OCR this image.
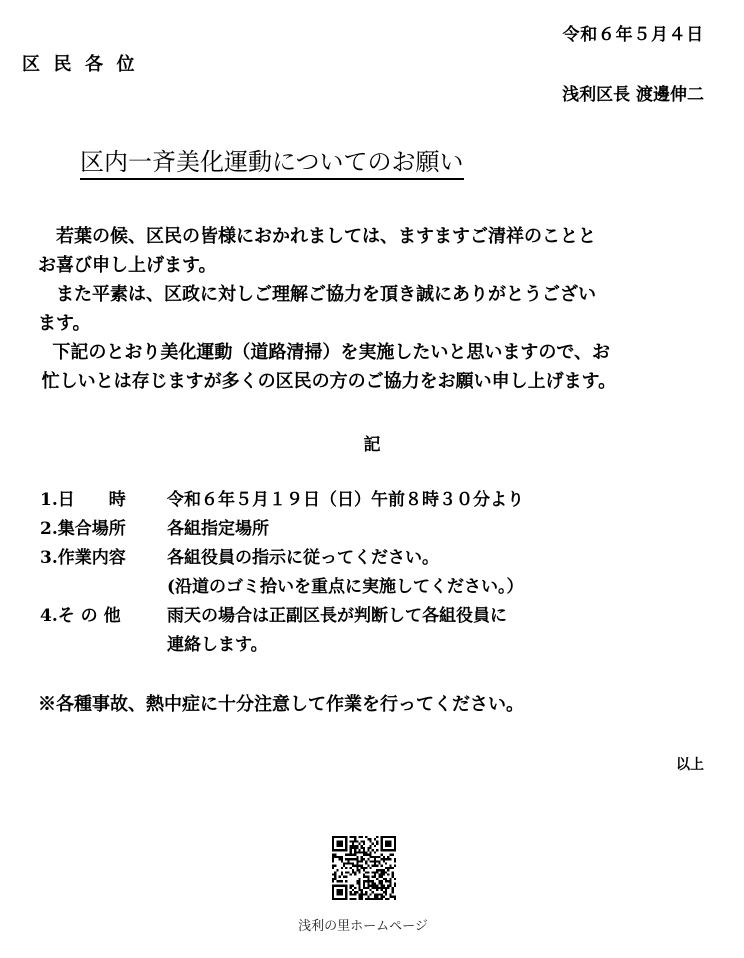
令和６年５月４日
区民各位
浅利区長 渡邊伸二
区内一斉美化運動についてのお願い

若葉の候、区民の皆様におかれましては、ますますご清祥のことと
お喜び申し上げます。

また平素は、区政に対しご理解ご協力を頂き誠にありがとうござい
ます。

下記のとおり美化運動（道路清掃）を実施したいと思いますので、お
忙しいとは存じますが多くの区民の方のご協力をお願い申し上げます。

記
1.日　　時	令和６年５月１９日（日）午前８時３０分より
2.集合場所	各組指定場所
3.作業内容	各組役員の指示に従ってください。
(沿道のゴミ拾いを重点に実施してください。）
4.そ の 他	雨天の場合は正副区長が判断して各組役員に
連絡します。
※各種事故、熱中症に十分注意して作業を行ってください。
以上
浅利の里ホームページ
